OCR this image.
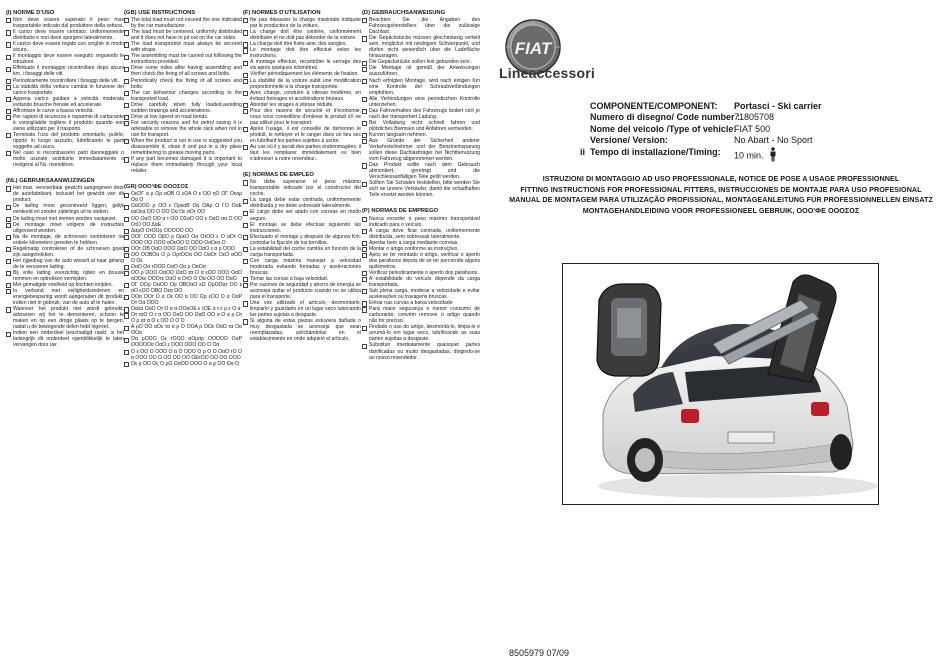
(I) NORME D'USO
Non deve essere superato il peso max trasportabile indicato dal produttore della vettura.
Il carico deve essere centrato, uniformemente distribuito e non deve sporgere lateralmente.
Il carico deve essere legato con cinghie in modo sicuro.
Il montaggio deve essere eseguito seguendo le istruzioni.
Effettuato il montaggio ricontrollare dopo alcuni km. i fissaggi delle viti.
Periodicamente ricontrollare i fissaggi delle viti.
La stabilità della vettura cambia in funzione del carico trasportato.
Appena carico guidare a velocità moderata evitando brusche frenate ed accelerate.
Affrontare le curve a bassa velocità.
Per ragioni di sicurezza e risparmio di carburante è consigliabile togliere il prodotto quando non viene utilizzato per il trasporto.
Terminato l'uso del prodotto smontarlo, pulirlo, riporlo in luogo asciutto, lubrificando le parti soggette ad usura.
Nel caso si riscontrassero parti danneggiate o molto usurate sostituirle immediatamente o rivolgersi al Ns. rivenditore.
(NL) GEBRUIKSAANWIJZINGEN
Het max. vervoerbaar gewicht aangegeven door de autofabrikant, inclusief het gewicht van dit product.
De lading moet gecentreerd liggen, gelijk verdeeld en zonder zijdelings uit te steken.
De lading moet met riemen worden vastgezet.
De montage moet volgens de instructies uitgevoerd worden.
Na de montage, de schroeven controleren na enkele kilometers gereden te hebben.
Regelmatig controleren of de schroeven goed zijn aangetrokken.
Het rijgedrag van de auto wisselt al naar gelang de te vervoeren lading.
Bij volle lading voorzichtig rijden en bruusk remmen en optrekken vermijden.
Met gematigde snelheid op bochten inrijden.
In verband met veiligheidsredenen en energiebesparing wordt aangeraden dit produkt, indien niet in gebruik, van de auto af te halen.
Wanneer het produkt niet wordt gebruikt, adviseren wij het te demonteren, schoon te maken en op een droge plaats op te bergen, nadat u de bewegende delen hebt ingevet.
Indien een onderdeel beschadigd raakt, is het belangrijk dit onderdeel ogenblikkelijk te laten vervangen door uw .
(GB) USE INSTRUCTIONS
The total load must not exceed the one indicated by the car manufacturer.
The load must be centered, uniformly distributed and it does not have to jut out on the car sides.
The load transported must always be secured with straps.
The assembling must be carried out following the instructions provided.
Drive some miles after having assembling and then check the fixing of all screws and bolts.
Periodically check the fixing of all screws and bolts.
The car behaviour changes according to the transported load.
Drive carefully when fully loaded,avoiding sudden brakings and accelerations.
Drive at low speed on road bends.
For security reasons and for petrol saving it is advisable to remove the whole rack when not in use for transport.
When the product is not in use is suggested you disassemble it, clean it and put in a dry place remembering to grease moving parts.
If any part becomes damaged it is important to replace them immediately through your local retailer.
(GR) ΟΟΟ'ΦΕ ΟΟΟΣΟΣ
ΟεΟΓ α ρ Ορ αΟΒ Ο εΟΑ Ο ε ΟΟ ηΟ ΟΓ Οεαρ Οα Ο
ΩαΟΟΟ ρ ΟΟ ε ΟρεαΒ Οα ΟΑρ Ο ΓΟ ΟαΕ εαΟεα ΟΟ Ο ΟΟ Οα Οε αΟτ ΟΟ
ΟΟ ΟαΟ ΟΟ α τ ΟΟ ΟΣαΟ ΟΟ ε ΟαΟ αα Ο ΟΟ ΟτΟ ΟΟ ΔαΕ
ΔαρΟ ΟτΟΟρ ΟΟΟΟΟ ΟΟ
ΟΟΓ ΟΟΟ ΟβΟ ρ ΟρεΟ Οα ΟτΟΟ ε Ο αΟτ Ο ΟΟΟ ΟΟ ΟΟΟ αΟεΟΟ Ο ΟΟΟ ΟαΟεα Ο
ΟΟτ ΟΒ ΟαΟ ΟΟΟ ΟαΟ ΟΟ ΟαΟ ε α ρ ΟΟΟ
ΟΟ ΟΟΒΟα Ο ρ ΟρτΟΟα ΟΟ ΟαΟτ ΟεΟ αΟΟ Ο Οε
ΟαΟ Οα τΟΟΟ ΟαΟ Οα ρ ΟαΟα
ΟΟ ρ ΟΟΟ ΟαΟΟ ΟαΟ τα Ο α εΟΟ ΟΟΟ ΟαΟ αΟΟεε ΟΟΟτε ΟαΟ α ΟτΟ Ο Οα ΟΟ ΟΟ ΟαΟ
ΟΓ ΟΟρ ΟαΟΟ Ορ ΟΒΟαΟ εΟ ΟρΟΟατ ΟΟ ε αΟ εΟΟ ΟΒΟ Οεα ΟΟ
ΟΟα ΟΟτ Ο α Οε ΟΟ α ΟΟ Ορ εΟΟ Ο α ΟαΡ Οτ Οα ΟΟΟ
Οαλα ΟαΟ Οτ Ο α α ΟΟαΟΕ ε τΟΕ α τ ε ρ ε Ο α
Οτ ταΟ Ο τ α ΟΟ ΟαΟ ΟΟ ΟαΟ ΟΟ α Ο α ρ Οτ Ο ρ ατ α Ο ε ΟΟ Ο Ο Ο
Α ρΟ ΟΟ αΟε τα α ρ Ο ΟΟΑ ρ ΟΟε ΟαΟ τα Οα ΟΟα
Οα ρΟΟΟ Οε τΟΟΟ αΟμαρ ΟΟΟΟΟ ΟαΡ ΟΟΟΟΟα ΟαΟ ε ΟΟΟ ΟΟΟ ΟΟ Ο Οα
Ο ε ΟΟ Ο ΟΟΟ Ο α Ο ΟΟΟ Ο ρ Ο Ο ΟαΟ τΟ Ο α ΟΟΟ ΟΟ Ο ΟΟ ΟΟ ΟΟ ΟΕτΟΟ ΟΟ ΟΟ ΟΟΟ
Οε ρ ΟΟ Ος Ο ρΟ ΟαΟΟ ΟΟΟ Ο α ρ ΟΟ Οα Ο
(F) NORMES D'UTILISATION
Ne pas dépasser la charge maximale indiquée par le producteur de la voiture.
La charge doit être centrée, uniformément distribuée et ne doit pas déborder de la voiture.
La charge doit être fixée avec des sangles.
Le montage doit être effectué selon les instructions.
A montage effectué, recontrôler le serrage des vis après quelques kilomètres.
Vérifier périodiquement les éléments de fixation.
La stabilité de la voiture subit une modification proportionnelle à la charge transportée.
Avec charge, conduire à vitesse modérée, en évitant freinages et accélérations brutaux.
Aborder les virages à vitesse réduite.
Pour des raisons de sécurité et d'économie, nous vous conseillons d'enlever le produit s'il ne pas utilisé pour le transport.
Après l'usage, il est conseillé de démonter le produit, le nettoyer et le ranger dans un lieu sec en lubrifiant les parties sujettes à usure.
Au cas où il y aurait des parties endommagées, il faut les remplacer immédiatement ou bien s'adresser à notre revendeur..
(E) NORMAS DE EMPLEO
No debe superarse el peso máximo transportable indicado por el constructor del coche.
La carga debe estar centrada, uniformemente distribuida y no debe sobresalir lateralmente.
El cargo debe ser atado con correas en modo seguro.
El montaje se debe efectuar siguiendo las instrucciones.
Efectuado el montaje y después de algunos Km. controlar la fijación de los tornillos.
La estabilidad del coche cambia en función de la carga transportada.
Con carga máxima manejar a velocidad moderada evitando frenadas y aceleraciones bruscas.
Tomar las curvas a baja velocidad.
Por razones de seguridad y ahorro de energía se aconseja quitar el producto cuando no se utiliza para el transporte.
Una vez utilizado el artículo, desmontarlo, limpiarlo y guardarlo en un lugar seco lubricando las partes sujetas a desgaste.
Si alguna de estas piezas estuviera dañada o muy desgastada se aconseja que sean reemplazadas, solicitándolas en el establecimiento en onde adquirió el artículo.
(D) GEBRAUCHSANWEISUNG
Beachten Sie die Angaben des Fahrzeugsherstellers über die zulässige Dachlast.
Die Gepäckstücke müssen gleichmässig verteilt sein, möglichst mit niedrigem Schwerpunkt, und dürfen nicht wesentlich über die Ladefläche hinausragen.
Die Gepäckstücke sollen fest gebunden sein.
Die Montage ist gemäß der Anweisungen auszuführen.
Nach erfolgten Montage, wird nach einigen Km eine Kontrolle der Schraubverbindungen empfohlen.
Alle Verbindungen eine periodischen Kontrolle unterziehen.
Das Fahrverhalten des Fahrzeugs ändert sich je nach der transportiert Ladung.
Bei Volladung nicht schnell fahren und plötzliches Bremsen und Anfahren vermeiden.
Kurven langsam nehmen.
Aus Gründe der Sicherheit anderer Verkehrsteilnehmer und der Benzineinsparung sollen diese Dachlastträger bei Nichtbenutzung vom Fahrzeug abgenommen werden.
Das Produkt sollte nach dem Gebrauch abmontiert, gereinigt und die Verschleissanfälligen Teile geölt werden.
Sollten Sie Schäden feststellen, bitte werden Sie sich an unsere Verkäufer, damit die schadhaften Teile ersetzt werden können.
(P) NORMAS DE EMPREGO
Nunca exceder o peso máximo transportável indicado para o veículo.
A carga deve ficar centrada, uniformemente distribuída, sem sobressair lateralmente.
Apertar bem a carga mediante correias.
Montar o artigo conforme as instruções.
Após se ter montado o artigo, verificar o aperto dos parafusos depois de se ter percorrido alguns quilómetros.
Verificar periodicamente o aperto dos parafusos.
A estabilidade do veículo depende da carga transportada.
Sob plena carga, moderar a velocidade e evitar acelerações ou travagens bruscas.
Entrar nas curvas a baixa velocidade
Para maior segurança e menor consumo de carburante, convém remover o artigo quando não for preciso.
Findado o uso do artigo, desmontá-lo, limpá-lo e arrumá-lo em lugar seco, lubrificando as suas partes sujeitas a desgaste.
Substituir imediatamente quaisquer partes danificadas ou muito desgastadas, dirigindo-se ao nosso revendedor.
FIAT
Lineaccessori
COMPONENTE/COMPONENT:
Numero di disegno/ Code number :
Nome del veicolo /Type of vehicle:
Versione/ Version:
ii Tempo di installazione/Timing:
Portasci - Ski carrier
71805708
FIAT 500
No Abart - No Sport
10 min.
ISTRUZIONI DI MONTAGGIO AD USO PROFESSIONALE, NOTICE DE POSE A USAGE PROFESSIONNEL
FITTING INSTRUCTIONS FOR PROFESSIONAL FITTERS, INSTRUCCIONES DE MONTAJE PARA USO PROFESIONAL
MANUAL DE MONTAGEM PARA UTILIZAÇÃO PROFISSIONAL, MONTAGEANLEITUNG FÜR PROFESSIONNELLEN EINSATZ
MONTAGEHANDLEIDING VOOR PROFESSIONEEL GEBRUIK, ΟΟΟ'ΦΕ ΟΟΟΣΟΣ
8505979 07/09
